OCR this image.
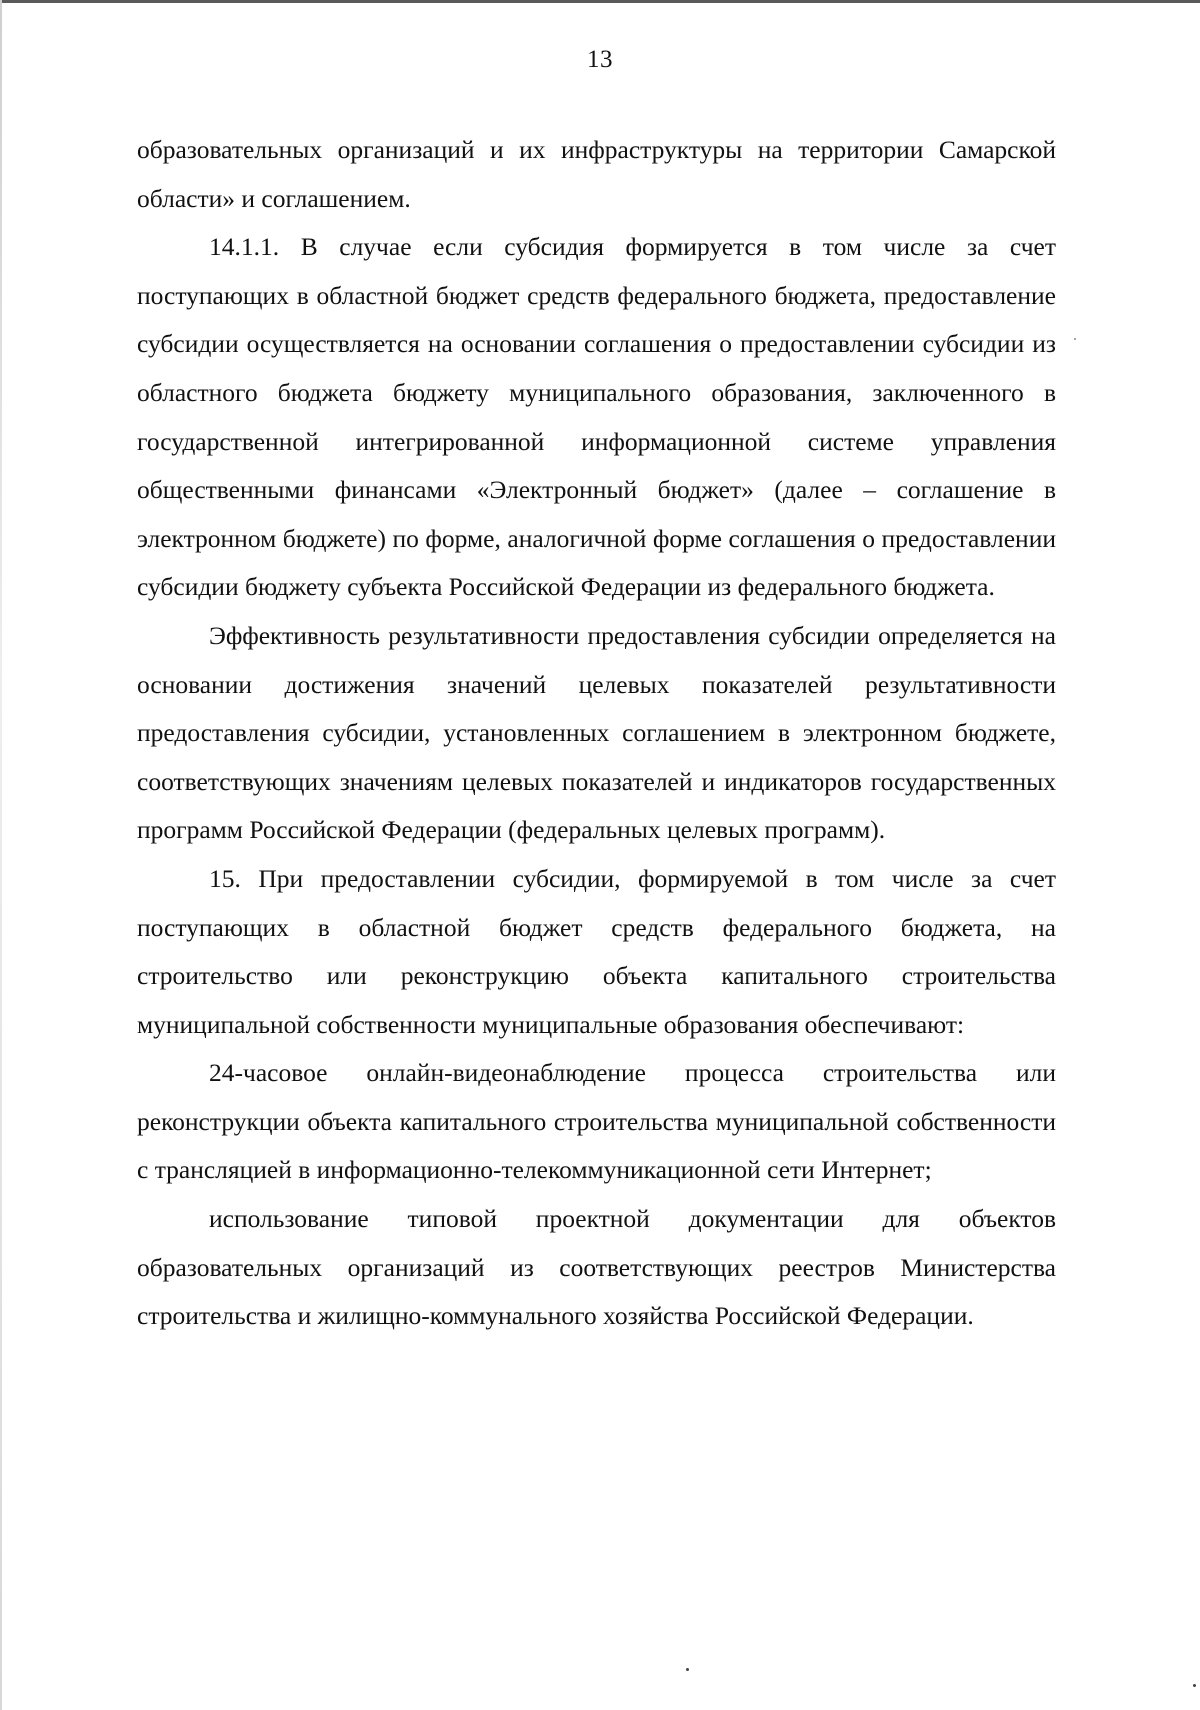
13

образовательных организаций и их инфраструктуры на территории Самарской области» и соглашением.

14.1.1. В случае если субсидия формируется в том числе за счет поступающих в областной бюджет средств федерального бюджета, предоставление субсидии осуществляется на основании соглашения о предоставлении субсидии из областного бюджета бюджету муниципального образования, заключенного в государственной интегрированной информационной системе управления общественными финансами «Электронный бюджет» (далее – соглашение в электронном бюджете) по форме, аналогичной форме соглашения о предоставлении субсидии бюджету субъекта Российской Федерации из федерального бюджета.

Эффективность результативности предоставления субсидии определяется на основании достижения значений целевых показателей результативности предоставления субсидии, установленных соглашением в электронном бюджете, соответствующих значениям целевых показателей и индикаторов государственных программ Российской Федерации (федеральных целевых программ).

15. При предоставлении субсидии, формируемой в том числе за счет поступающих в областной бюджет средств федерального бюджета, на строительство или реконструкцию объекта капитального строительства муниципальной собственности муниципальные образования обеспечивают:

24-часовое онлайн-видеонаблюдение процесса строительства или реконструкции объекта капитального строительства муниципальной собственности с трансляцией в информационно-телекоммуникационной сети Интернет;

использование типовой проектной документации для объектов образовательных организаций из соответствующих реестров Министерства строительства и жилищно-коммунального хозяйства Российской Федерации.
